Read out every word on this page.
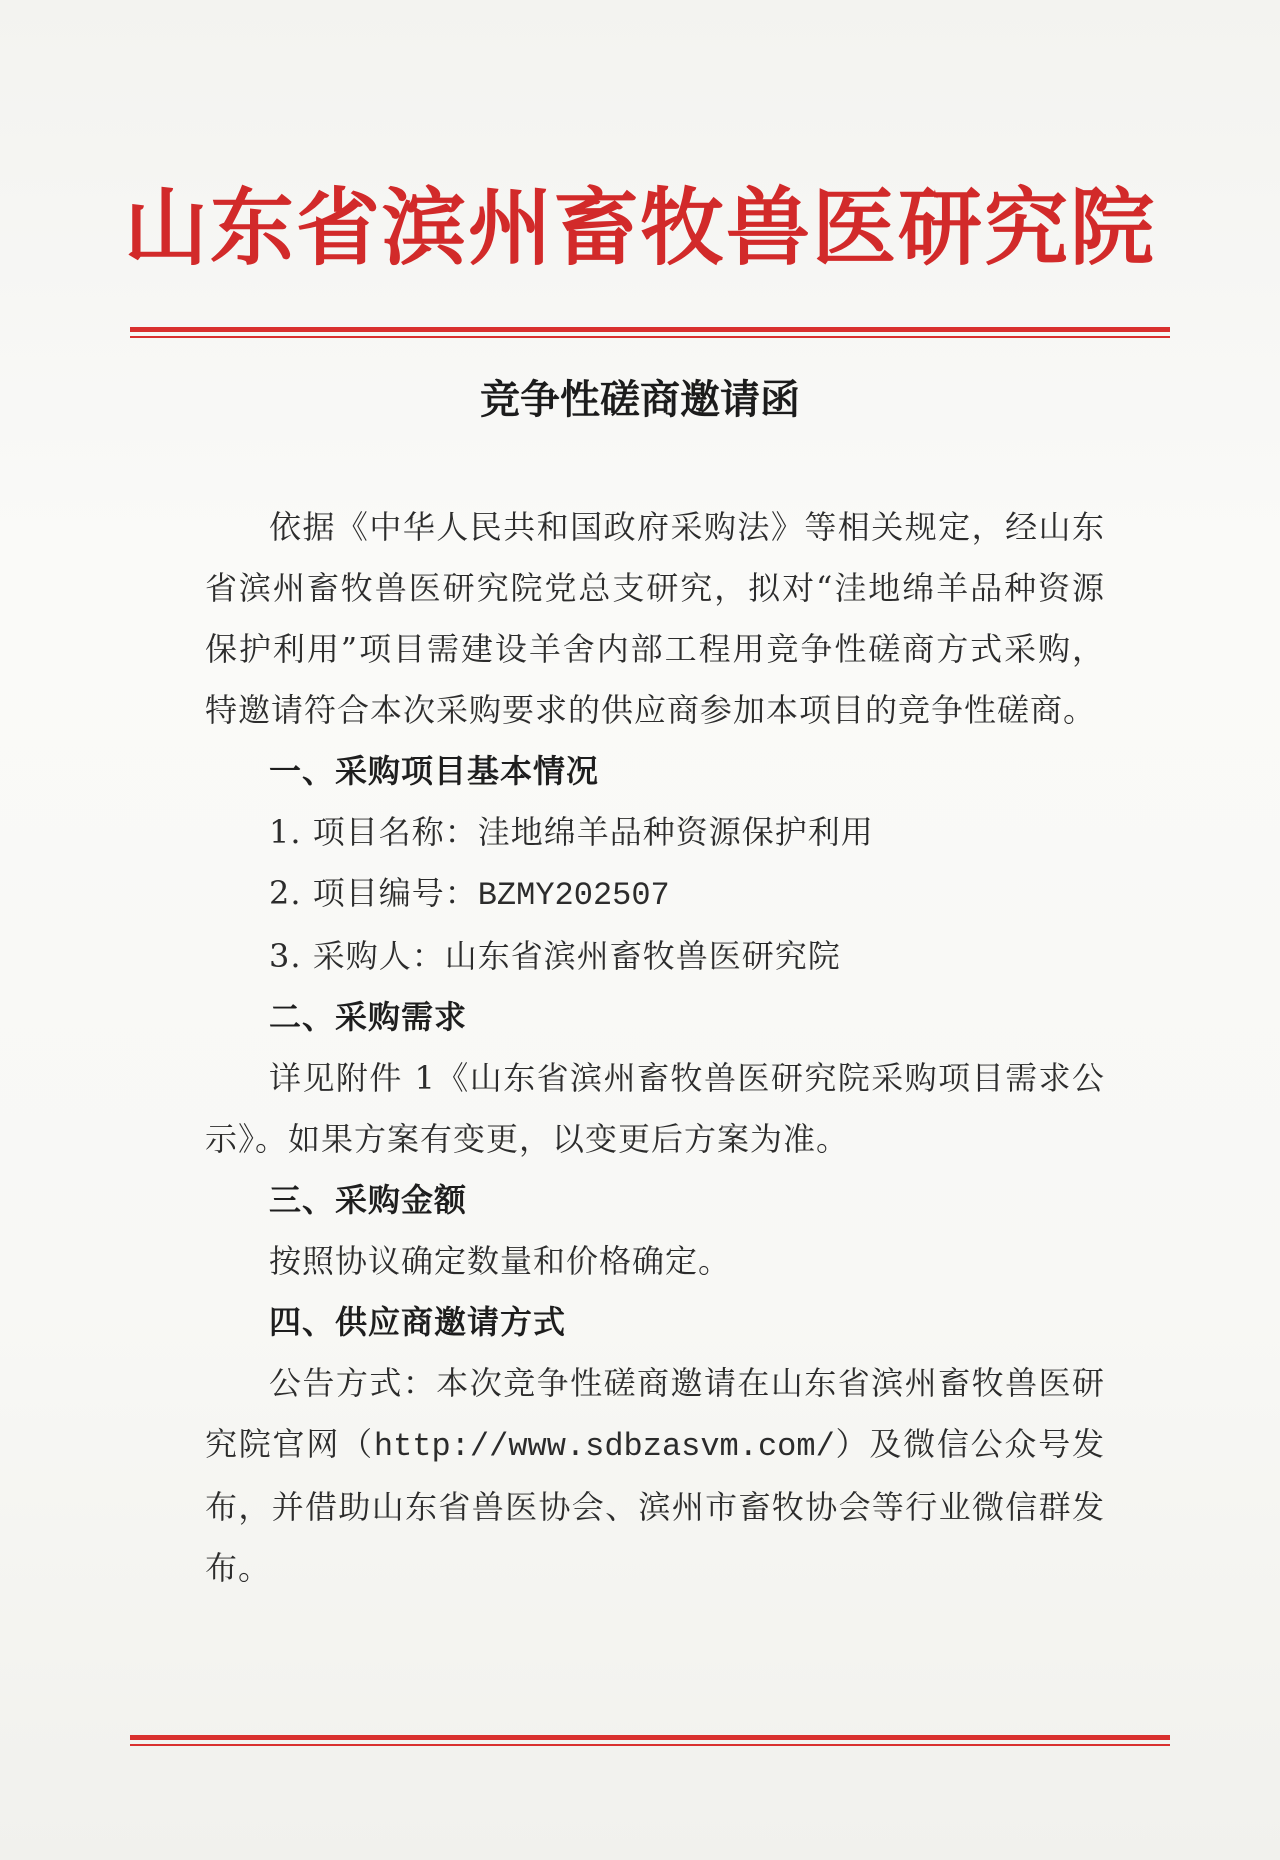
山东省滨州畜牧兽医研究院
竞争性磋商邀请函

依据《中华人民共和国政府采购法》等相关规定，经山东省滨州畜牧兽医研究院党总支研究，拟对“洼地绵羊品种资源保护利用”项目需建设羊舍内部工程用竞争性磋商方式采购，特邀请符合本次采购要求的供应商参加本项目的竞争性磋商。

一、采购项目基本情况

1. 项目名称：洼地绵羊品种资源保护利用

2. 项目编号：BZMY202507

3. 采购人：山东省滨州畜牧兽医研究院

二、采购需求

详见附件 1《山东省滨州畜牧兽医研究院采购项目需求公示》。如果方案有变更，以变更后方案为准。

三、采购金额

按照协议确定数量和价格确定。

四、供应商邀请方式

公告方式：本次竞争性磋商邀请在山东省滨州畜牧兽医研究院官网（http://www.sdbzasvm.com/）及微信公众号发布，并借助山东省兽医协会、滨州市畜牧协会等行业微信群发布。
